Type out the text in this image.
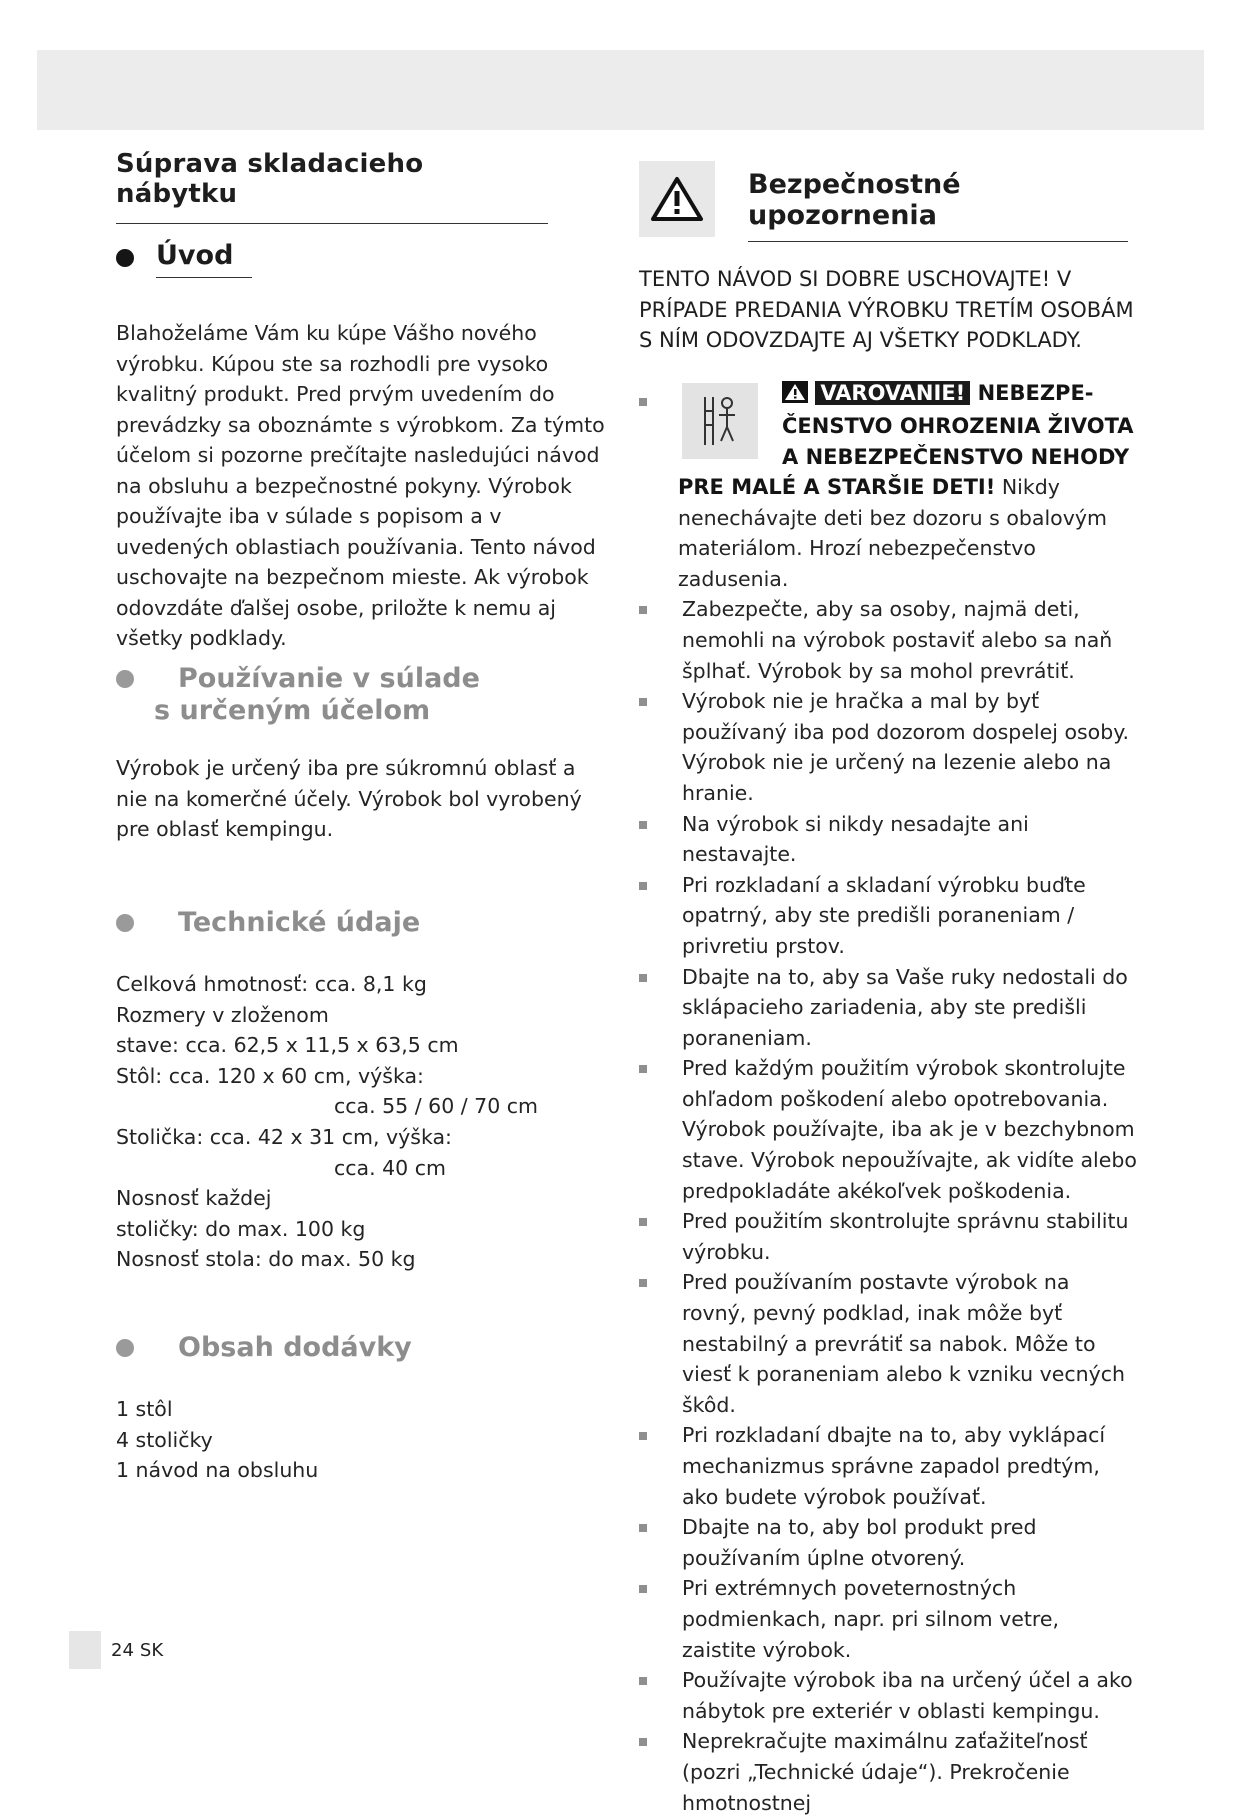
Súprava skladacieho nábytku
Úvod
Blahoželáme Vám ku kúpe Vášho nového výrobku. Kúpou ste sa rozhodli pre vysoko kvalitný produkt. Pred prvým uvedením do prevádzky sa oboznámte s výrobkom. Za týmto účelom si pozorne prečítajte nasledujúci návod na obsluhu a bezpečnostné pokyny. Výrobok používajte iba v súlade s popisom a v uvedených oblastiach používania. Tento návod uschovajte na bezpečnom mieste. Ak výrobok odovzdáte ďalšej osobe, priložte k nemu aj všetky podklady.
Používanie v súlade
s určeným účelom
Výrobok je určený iba pre súkromnú oblasť a nie na komerčné účely. Výrobok bol vyrobený pre oblasť kempingu.
Technické údaje
Celková hmotnosť: cca. 8,1 kg
Rozmery v zloženom
stave: cca. 62,5 x 11,5 x 63,5 cm
Stôl: cca. 120 x 60 cm, výška:
cca. 55 / 60 / 70 cm
Stolička: cca. 42 x 31 cm, výška:
cca. 40 cm
Nosnosť každej
stoličky: do max. 100 kg
Nosnosť stola: do max. 50 kg
Obsah dodávky
1 stôl
4 stoličky
1 návod na obsluhu
Bezpečnostné upozornenia
TENTO NÁVOD SI DOBRE USCHOVAJTE! V PRÍPADE PREDANIA VÝROBKU TRETÍM OSOBÁM S NÍM ODOVZDAJTE AJ VŠETKY PODKLADY.
VAROVANIE! NEBEZPE-
ČENSTVO OHROZENIA ŽIVOTA
A NEBEZPEČENSTVO NEHODY
PRE MALÉ A STARŠIE DETI! Nikdy nenechávajte deti bez dozoru s obalovým materiálom. Hrozí nebezpečenstvo zadusenia.
Zabezpečte, aby sa osoby, najmä deti, nemohli na výrobok postaviť alebo sa naň šplhať. Výrobok by sa mohol prevrátiť.
Výrobok nie je hračka a mal by byť používaný iba pod dozorom dospelej osoby. Výrobok nie je určený na lezenie alebo na hranie.
Na výrobok si nikdy nesadajte ani nestavajte.
Pri rozkladaní a skladaní výrobku buďte opatrný, aby ste predišli poraneniam / privretiu prstov.
Dbajte na to, aby sa Vaše ruky nedostali do sklápacieho zariadenia, aby ste predišli poraneniam.
Pred každým použitím výrobok skontrolujte ohľadom poškodení alebo opotrebovania. Výrobok používajte, iba ak je v bezchybnom stave. Výrobok nepoužívajte, ak vidíte alebo predpokladáte akékoľvek poškodenia.
Pred použitím skontrolujte správnu stabilitu výrobku.
Pred používaním postavte výrobok na rovný, pevný podklad, inak môže byť nestabilný a prevrátiť sa nabok. Môže to viesť k poraneniam alebo k vzniku vecných škôd.
Pri rozkladaní dbajte na to, aby vyklápací mechanizmus správne zapadol predtým, ako budete výrobok používať.
Dbajte na to, aby bol produkt pred používaním úplne otvorený.
Pri extrémnych poveternostných podmienkach, napr. pri silnom vetre, zaistite výrobok.
Používajte výrobok iba na určený účel a ako nábytok pre exteriér v oblasti kempingu.
Neprekračujte maximálnu zaťažiteľnosť (pozri „Technické údaje“). Prekročenie hmotnostnej
24 SK
